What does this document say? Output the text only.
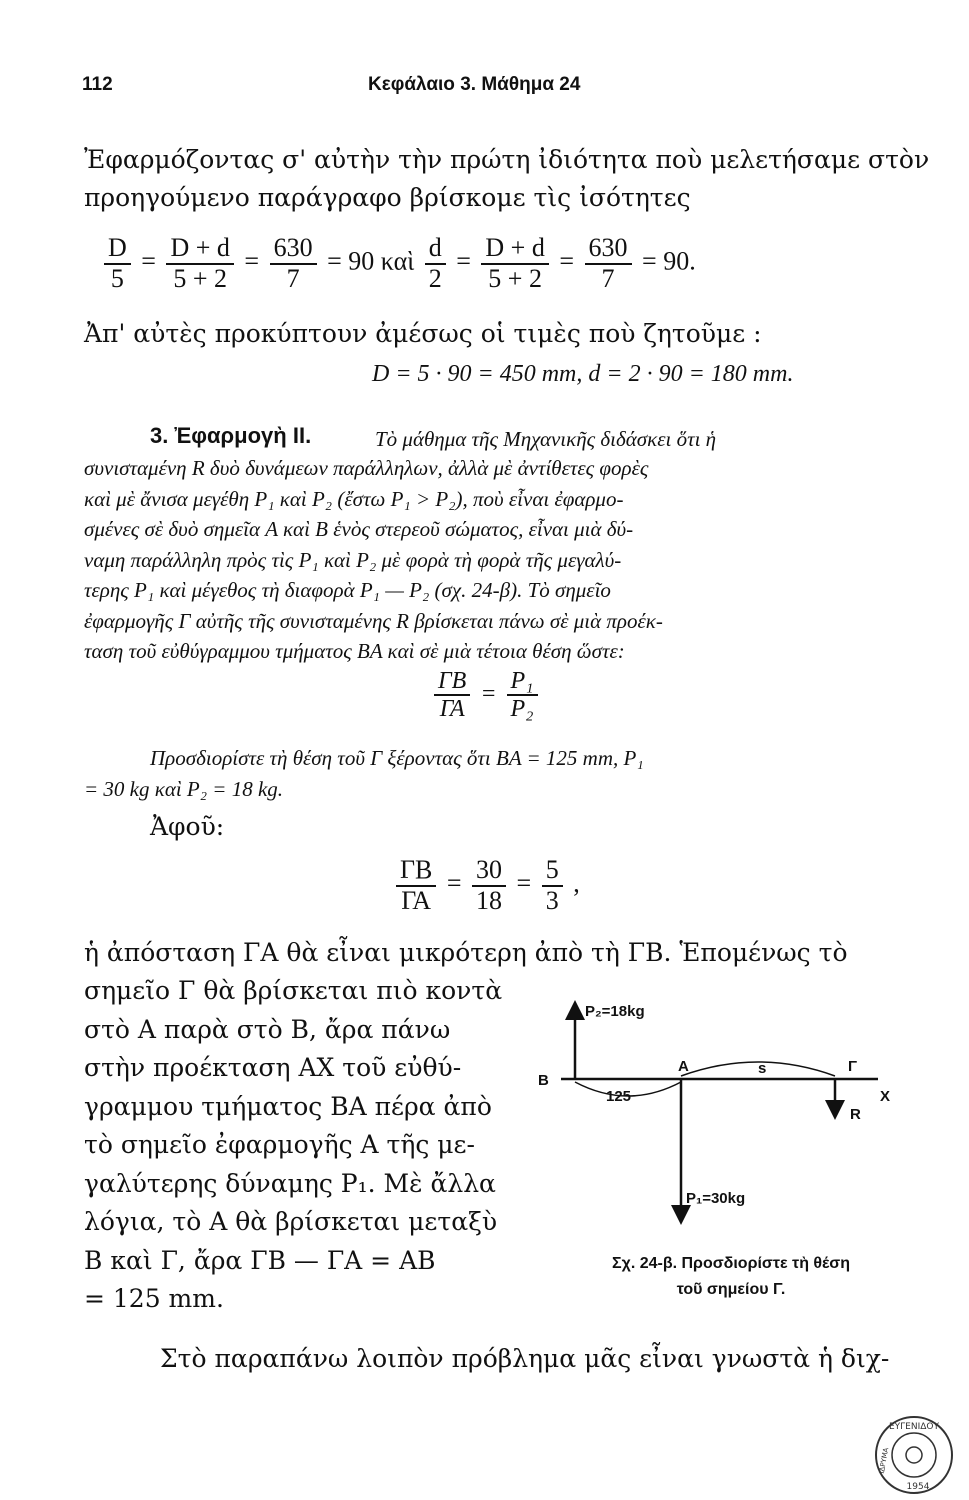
112	Κεφάλαιο 3. Μάθημα 24
Ἐφαρμόζοντας σ' αὐτὴν τὴν πρώτη ἰδιότητα ποὺ μελετήσαμε στὸν
προηγούμενο παράγραφο βρίσκομε τὶς ἰσότητες
$\frac{D}{5} = \frac{D + d}{5 + 2} = \frac{630}{7} = 90$ καὶ $\frac{d}{2} = \frac{D + d}{5 + 2} = \frac{630}{7} = 90$.
Ἀπ' αὐτὲς προκύπτουν ἀμέσως οἱ τιμὲς ποὺ ζητοῦμε :
D = 5 · 90 = 450 mm, d = 2 · 90 = 180 mm.
3. Ἐφαρμογὴ II.	Τὸ μάθημα τῆς Μηχανικῆς διδάσκει ὅτι ἡ
συνισταμένη R δυὸ δυνάμεων παράλληλων, ἀλλὰ μὲ ἀντίθετες φορὲς
καὶ μὲ ἄνισα μεγέθη P₁ καὶ P₂ (ἔστω P₁ > P₂), ποὺ εἶναι ἐφαρμο-
σμένες σὲ δυὸ σημεῖα A καὶ B ἑνὸς στερεοῦ σώματος, εἶναι μιὰ δύ-
ναμη παράλληλη πρὸς τὶς P₁ καὶ P₂ μὲ φορὰ τὴ φορὰ τῆς μεγαλύ-
τερης P₁ καὶ μέγεθος τὴ διαφορὰ P₁ — P₂ (σχ. 24-β). Τὸ σημεῖο
ἐφαρμογῆς Γ αὐτῆς τῆς συνισταμένης R βρίσκεται πάνω σὲ μιὰ προέκ-
ταση τοῦ εὐθύγραμμου τμήματος BA καὶ σὲ μιὰ τέτοια θέση ὥστε:
$\frac{\Gamma B}{\Gamma A} = \frac{\text{P₁}}{\text{P₂}}$
Προσδιορίστε τὴ θέση τοῦ Γ ξέροντας ὅτι BA = 125 mm, P₁
= 30 kg καὶ P₂ = 18 kg.
Ἀφοῦ:
$\frac{\Gamma B}{\Gamma A} = \frac{30}{18} = \frac{5}{3}$ ,
ἡ ἀπόσταση ΓΑ θὰ εἶναι μικρότερη ἀπὸ τὴ ΓΒ. Ἑπομένως τὸ
σημεῖο Γ θὰ βρίσκεται πιὸ κοντὰ
στὸ Α παρὰ στὸ Β, ἄρα πάνω
στὴν προέκταση ΑΧ τοῦ εὐθύ-
γραμμου τμήματος ΒΑ πέρα ἀπὸ
τὸ σημεῖο ἐφαρμογῆς Α τῆς με-
γαλύτερης δύναμης P₁. Μὲ ἄλλα
λόγια, τὸ Α θὰ βρίσκεται μεταξὺ
Β καὶ Γ, ἄρα ΓΒ — ΓΑ = ΑΒ
= 125 mm.
Στὸ παραπάνω λοιπὸν πρόβλημα μᾶς εἶναι γνωστὰ ἡ διχ-
P₂=18kg
P₁=30kg
B
A	Γ
R
X
125
s
Σχ. 24-β. Προσδιορίστε τὴ θέση
τοῦ σημείου Γ.
ΕΥΓΕΝΙΔΟΥ
ΙΔΡΥΜΑ
1954
